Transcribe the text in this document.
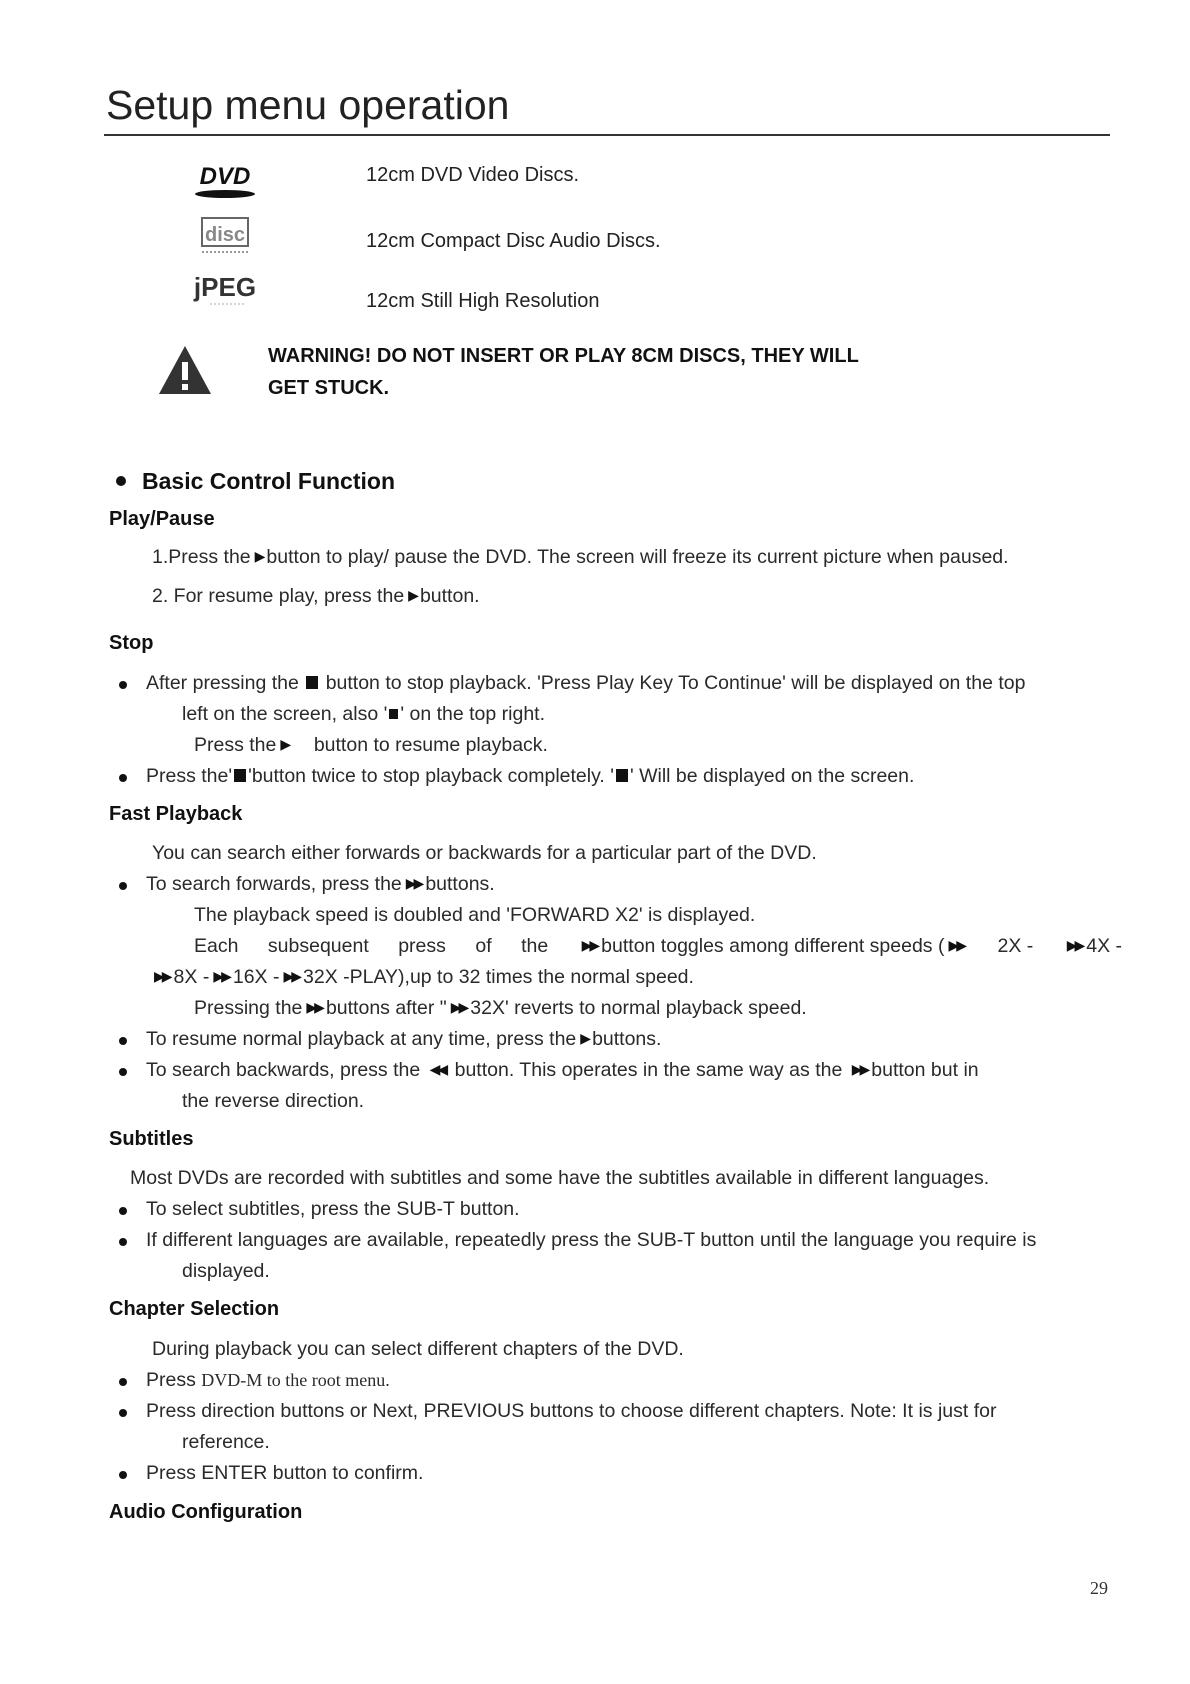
Setup menu operation
DVD	12cm DVD Video Discs.
disc	12cm Compact Disc Audio Discs.
jPEG	12cm Still High Resolution
WARNING! DO NOT INSERT OR PLAY 8CM DISCS, THEY WILL
GET STUCK.
Basic Control Function
Play/Pause
1.Press the ▶ button to play/ pause the DVD. The screen will freeze its current picture when paused.
2. For resume play, press the ▶ button.
Stop
After pressing the button to stop playback. 'Press Play Key To Continue' will be displayed on the top
left on the screen, also ' ' on the top right.
Press the ▶ button to resume playback.
Press the' 'button twice to stop playback completely. ' ' Will be displayed on the screen.
Fast Playback
You can search either forwards or backwards for a particular part of the DVD.
To search forwards, press the ▶▶ buttons.
The playback speed is doubled and 'FORWARD X2' is displayed.
Each subsequent press of the ▶▶ button toggles among different speeds ( ▶▶ 2X - ▶▶ 4X -
▶▶ 8X - ▶▶ 16X - ▶▶ 32X -PLAY),up to 32 times the normal speed.
Pressing the ▶▶ buttons after " ▶▶ 32X' reverts to normal playback speed.
To resume normal playback at any time, press the ▶ buttons.
To search backwards, press the ◀◀ button. This operates in the same way as the ▶▶ button but in
the reverse direction.
Subtitles
Most DVDs are recorded with subtitles and some have the subtitles available in different languages.
To select subtitles, press the SUB-T button.
If different languages are available, repeatedly press the SUB-T button until the language you require is
displayed.
Chapter Selection
During playback you can select different chapters of the DVD.
Press DVD-M to the root menu.
Press direction buttons or Next, PREVIOUS buttons to choose different chapters. Note: It is just for
reference.
Press ENTER button to confirm.
Audio Configuration
29
